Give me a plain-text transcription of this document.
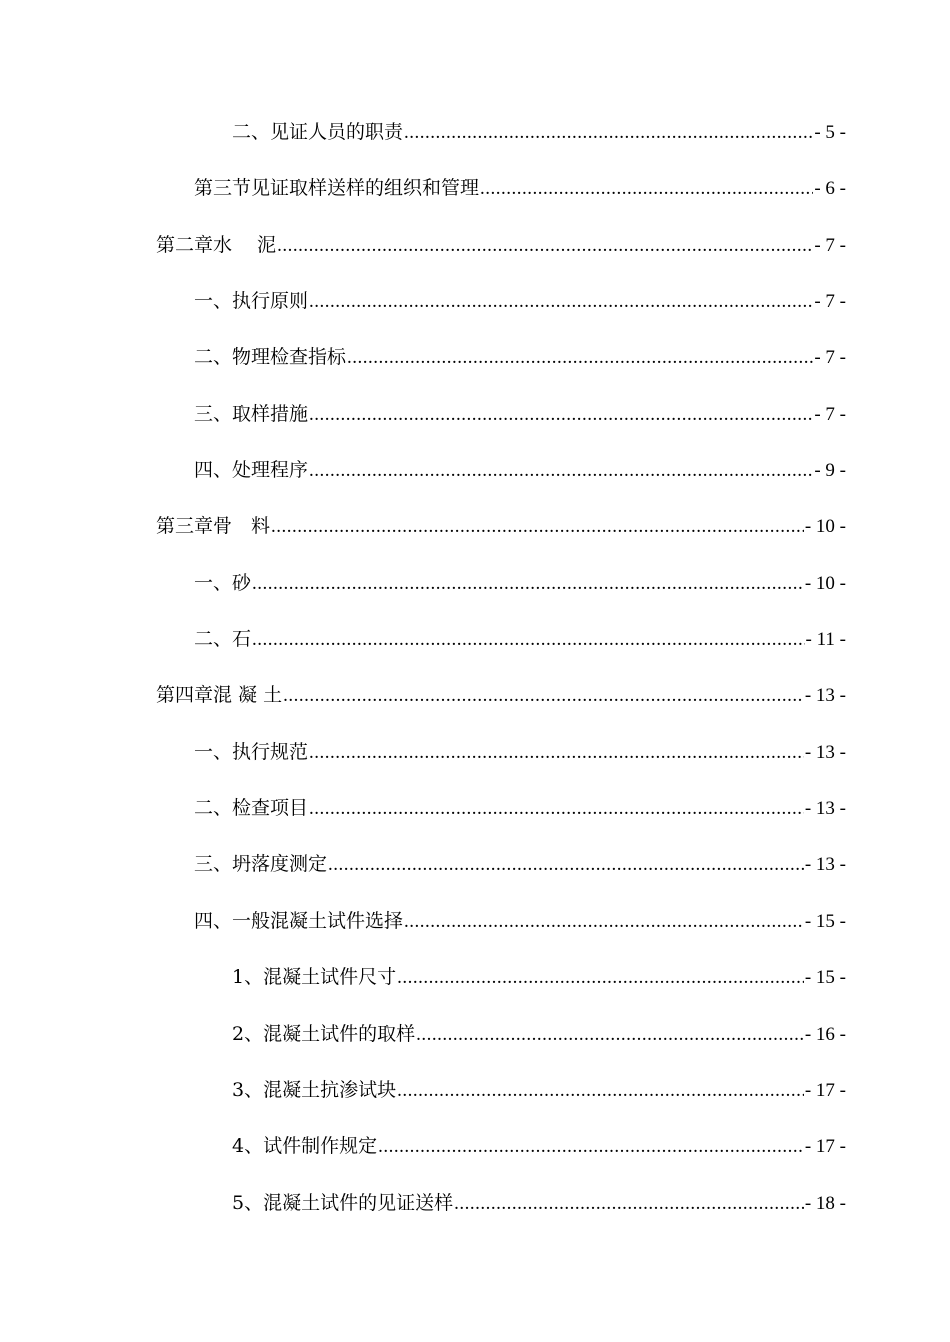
二、 见证人员的职责 .....	- 5 -
第三节 见证取样送样的组织和管理 .....	- 6 -
第二章 水　 泥 .....	- 7 -
一、 执行原则 .....	- 7 -
二、 物理检查指标 .....	- 7 -
三、 取样措施 .....	- 7 -
四、 处理程序 .....	- 9 -
第三章 骨　料 .....	- 10 -
一、 砂 .....	- 10 -
二、 石 .....	- 11 -
第四章 混 凝 土 .....	- 13 -
一、 执行规范 .....	- 13 -
二、 检查项目 .....	- 13 -
三、 坍落度测定 .....	- 13 -
四、 一般混凝土试件选择 .....	- 15 -
1、 混凝土试件尺寸 .....	- 15 -
2、 混凝土试件的取样 .....	- 16 -
3、 混凝土抗渗试块 .....	- 17 -
4、 试件制作规定 .....	- 17 -
5、 混凝土试件的见证送样 .....	- 18 -
